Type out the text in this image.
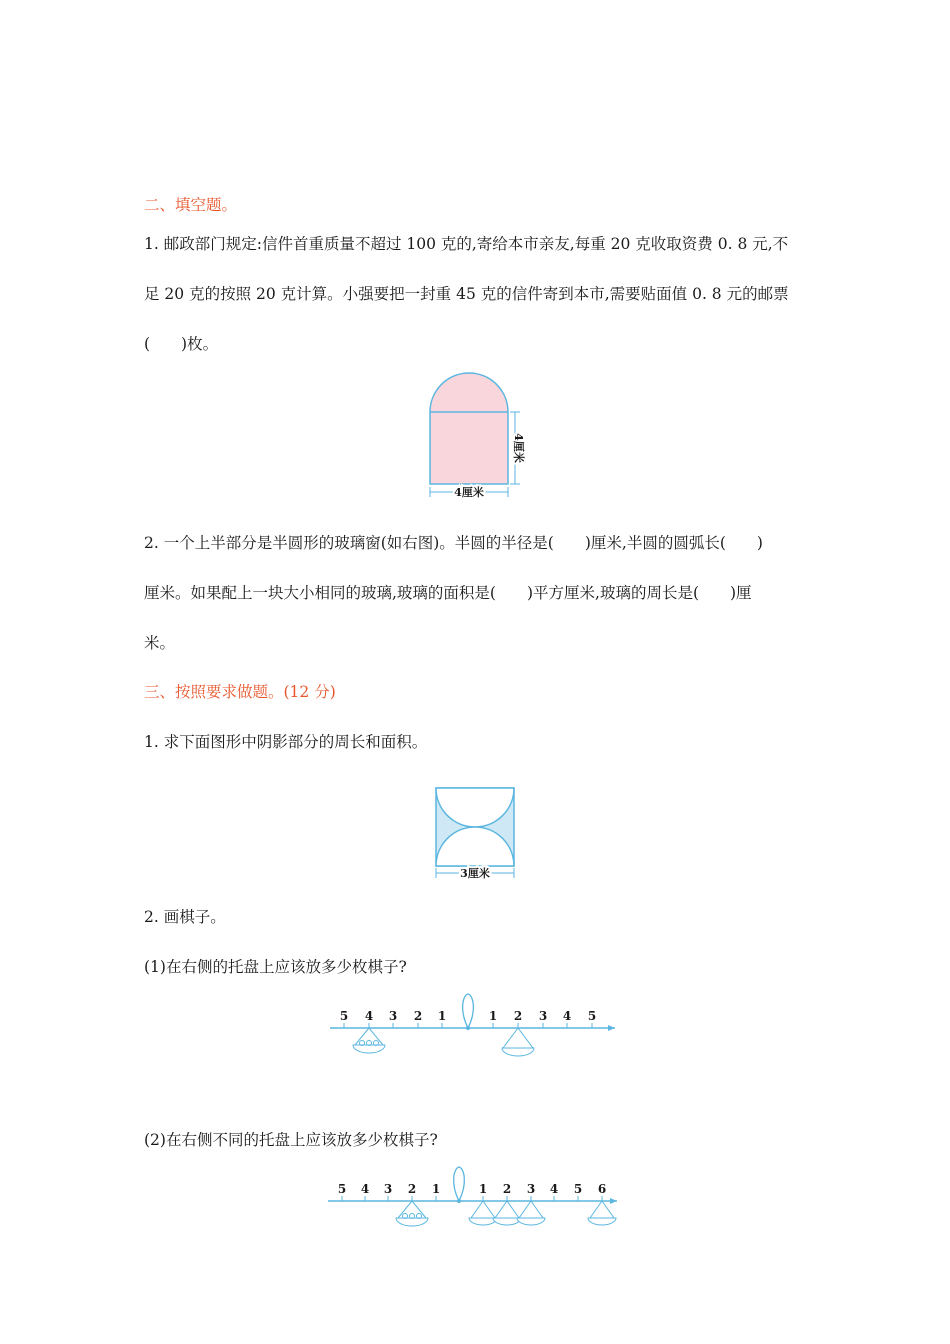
二、填空题。
1. 邮政部门规定:信件首重质量不超过 100 克的,寄给本市亲友,每重 20 克收取资费 0. 8 元,不
足 20 克的按照 20 克计算。小强要把一封重 45 克的信件寄到本市,需要贴面值 0. 8 元的邮票
(　　)枚。
4厘米
4厘米
2. 一个上半部分是半圆形的玻璃窗(如右图)。半圆的半径是(　　)厘米,半圆的圆弧长(　　)
厘米。如果配上一块大小相同的玻璃,玻璃的面积是(　　)平方厘米,玻璃的周长是(　　)厘
米。
三、按照要求做题。(12 分)
1. 求下面图形中阴影部分的周长和面积。
3厘米
2. 画棋子。
(1)在右侧的托盘上应该放多少枚棋子?
5 4 3 2 1	1 2 3 4 5
(2)在右侧不同的托盘上应该放多少枚棋子?
5 4 3 2 1	1 2 3 4 5 6
